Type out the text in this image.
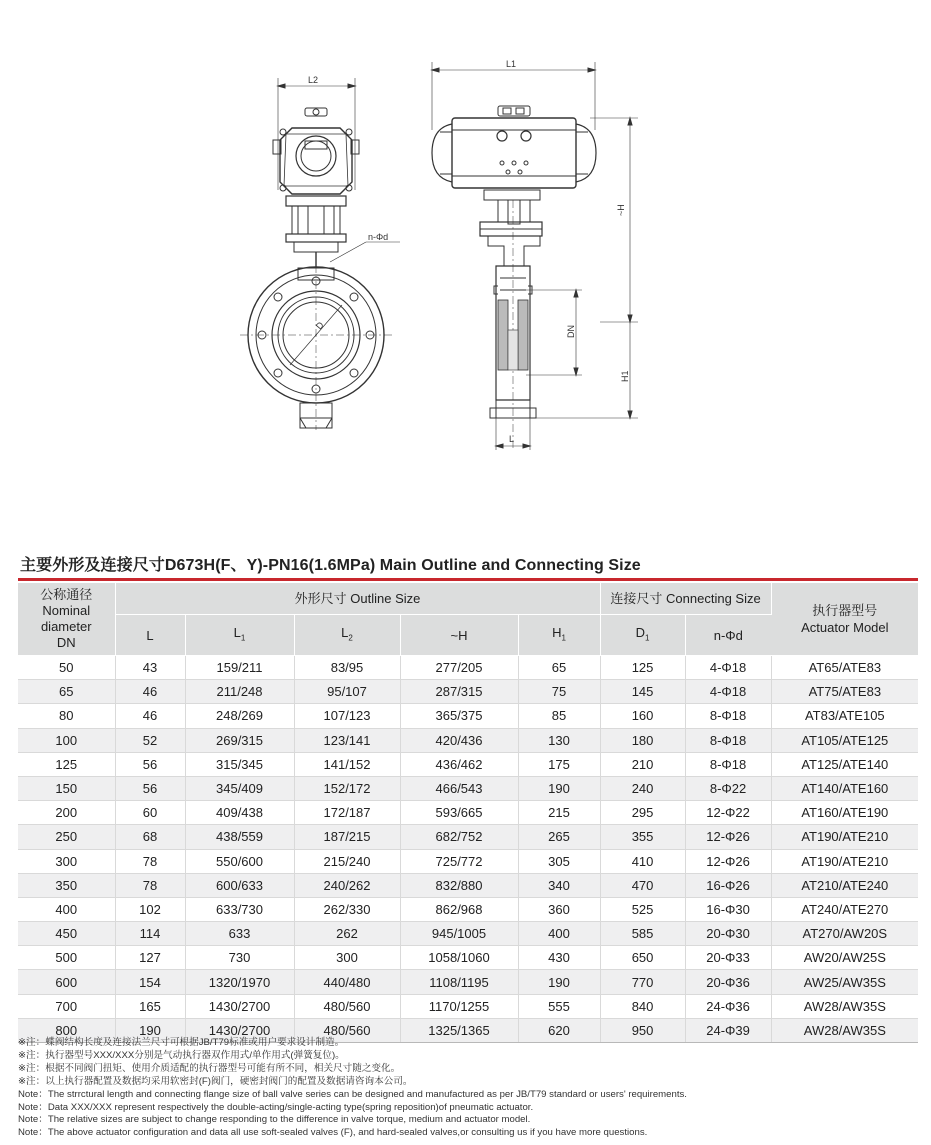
L2
n-Φd
D
L1
~H
DN
H1
L
主要外形及连接尺寸D673H(F、Y)-PN16(1.6MPa) Main Outline and Connecting Size
公称通径
Nominal
diameter
DN	外形尺寸 Outline Size					连接尺寸 Connecting Size		执行器型号
Actuator Model
	L	$L_1$	$L_2$	~H	$H_1$	$D_1$	n-Φd	
50	43	159/211	83/95	277/205	65	125	4-Φ18	AT65/ATE83
65	46	211/248	95/107	287/315	75	145	4-Φ18	AT75/ATE83
80	46	248/269	107/123	365/375	85	160	8-Φ18	AT83/ATE105
100	52	269/315	123/141	420/436	130	180	8-Φ18	AT105/ATE125
125	56	315/345	141/152	436/462	175	210	8-Φ18	AT125/ATE140
150	56	345/409	152/172	466/543	190	240	8-Φ22	AT140/ATE160
200	60	409/438	172/187	593/665	215	295	12-Φ22	AT160/ATE190
250	68	438/559	187/215	682/752	265	355	12-Φ26	AT190/ATE210
300	78	550/600	215/240	725/772	305	410	12-Φ26	AT190/ATE210
350	78	600/633	240/262	832/880	340	470	16-Φ26	AT210/ATE240
400	102	633/730	262/330	862/968	360	525	16-Φ30	AT240/ATE270
450	114	633	262	945/1005	400	585	20-Φ30	AT270/AW20S
500	127	730	300	1058/1060	430	650	20-Φ33	AW20/AW25S
600	154	1320/1970	440/480	1108/1195	190	770	20-Φ36	AW25/AW35S
700	165	1430/2700	480/560	1170/1255	555	840	24-Φ36	AW28/AW35S
800	190	1430/2700	480/560	1325/1365	620	950	24-Φ39	AW28/AW35S
※注：蝶阀结构长度及连接法兰尺寸可根据JB/T79标准或用户要求设计制造。
※注：执行器型号XXX/XXX分别是气动执行器双作用式/单作用式(弹簧复位)。
※注：根据不同阀门扭矩、使用介质适配的执行器型号可能有所不同，相关尺寸随之变化。
※注：以上执行器配置及数据均采用软密封(F)阀门，硬密封阀门的配置及数据请咨询本公司。
Note：The strrctural length and connecting flange size of ball valve series can be designed and manufactured as per JB/T79 standard or users' requirements.
Note：Data XXX/XXX represent respectively the double-acting/single-acting type(spring reposition)of pneumatic actuator.
Note：The relative sizes are subject to change responding to the difference in valve torque, medium and actuator model.
Note：The above actuator configuration and data all use soft-sealed valves (F), and hard-sealed valves,or consulting us if you have more questions.
